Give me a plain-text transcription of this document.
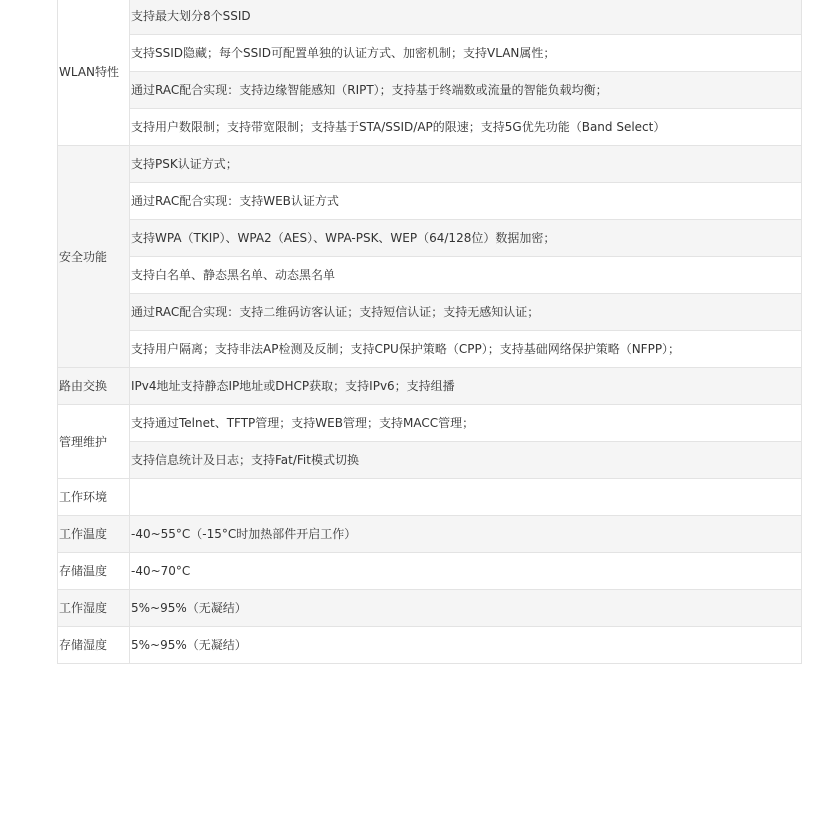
WLAN特性	支持最大划分8个SSID
	支持SSID隐藏；每个SSID可配置单独的认证方式、加密机制；支持VLAN属性；
	通过RAC配合实现：支持边缘智能感知（RIPT）；支持基于终端数或流量的智能负载均衡；
	支持用户数限制；支持带宽限制；支持基于STA/SSID/AP的限速；支持5G优先功能（Band Select）
安全功能	支持PSK认证方式；
	通过RAC配合实现：支持WEB认证方式
	支持WPA（TKIP）、WPA2（AES）、WPA-PSK、WEP（64/128位）数据加密；
	支持白名单、静态黑名单、动态黑名单
	通过RAC配合实现：支持二维码访客认证；支持短信认证；支持无感知认证；
	支持用户隔离；支持非法AP检测及反制；支持CPU保护策略（CPP）；支持基础网络保护策略（NFPP）；
路由交换	IPv4地址支持静态IP地址或DHCP获取；支持IPv6；支持组播
管理维护	支持通过Telnet、TFTP管理；支持WEB管理；支持MACC管理；
	支持信息统计及日志；支持Fat/Fit模式切换
工作环境	
工作温度	-40~55°C（-15°C时加热部件开启工作）
存储温度	-40~70°C
工作湿度	5%~95%（无凝结）
存储湿度	5%~95%（无凝结）
